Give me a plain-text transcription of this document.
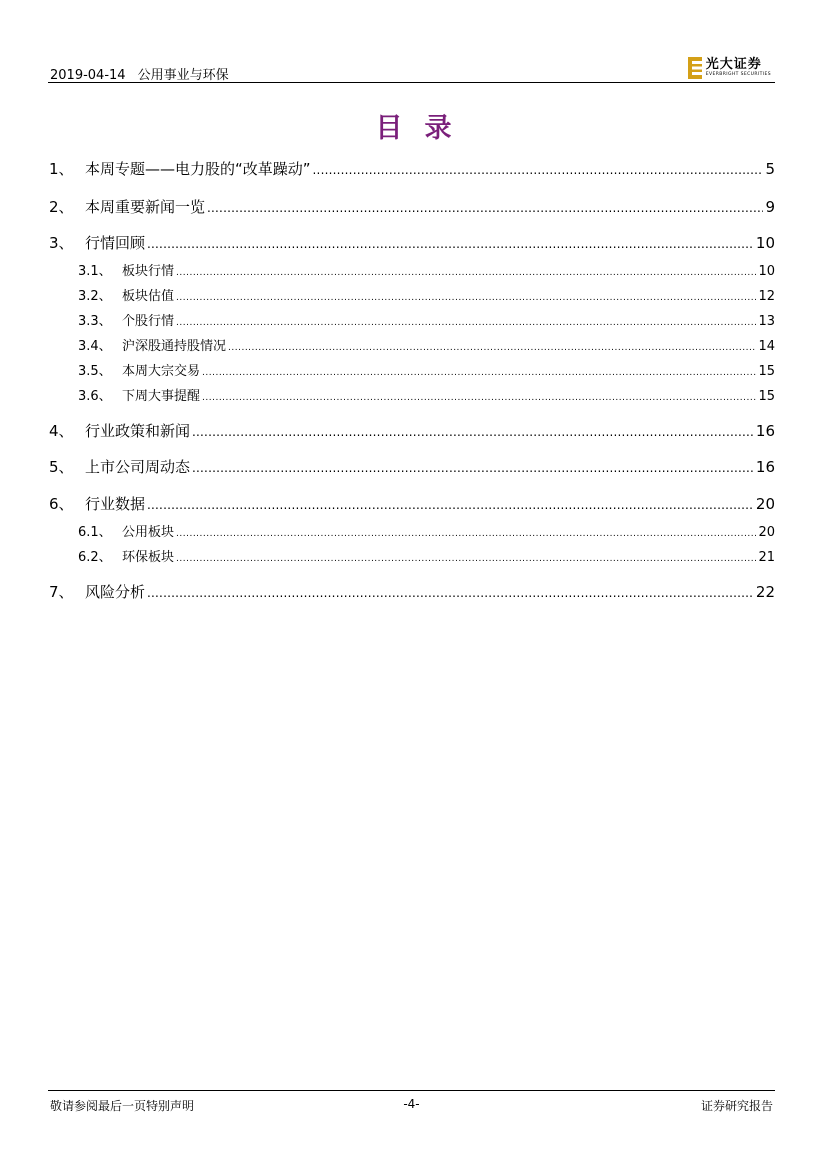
2019-04-14 公用事业与环保
光大证券
EVERBRIGHT SECURITIES
目录
1、 本周专题——电力股的“改革躁动” .....	5
2、 本周重要新闻一览 .....	9
3、 行情回顾 .....	10
3.1、 板块行情 .....	10
3.2、 板块估值 .....	12
3.3、 个股行情 .....	13
3.4、 沪深股通持股情况 .....	14
3.5、 本周大宗交易 .....	15
3.6、 下周大事提醒 .....	15
4、 行业政策和新闻 .....	16
5、 上市公司周动态 .....	16
6、 行业数据 .....	20
6.1、 公用板块 .....	20
6.2、 环保板块 .....	21
7、 风险分析 .....	22
敬请参阅最后一页特别声明	-4-	证券研究报告
